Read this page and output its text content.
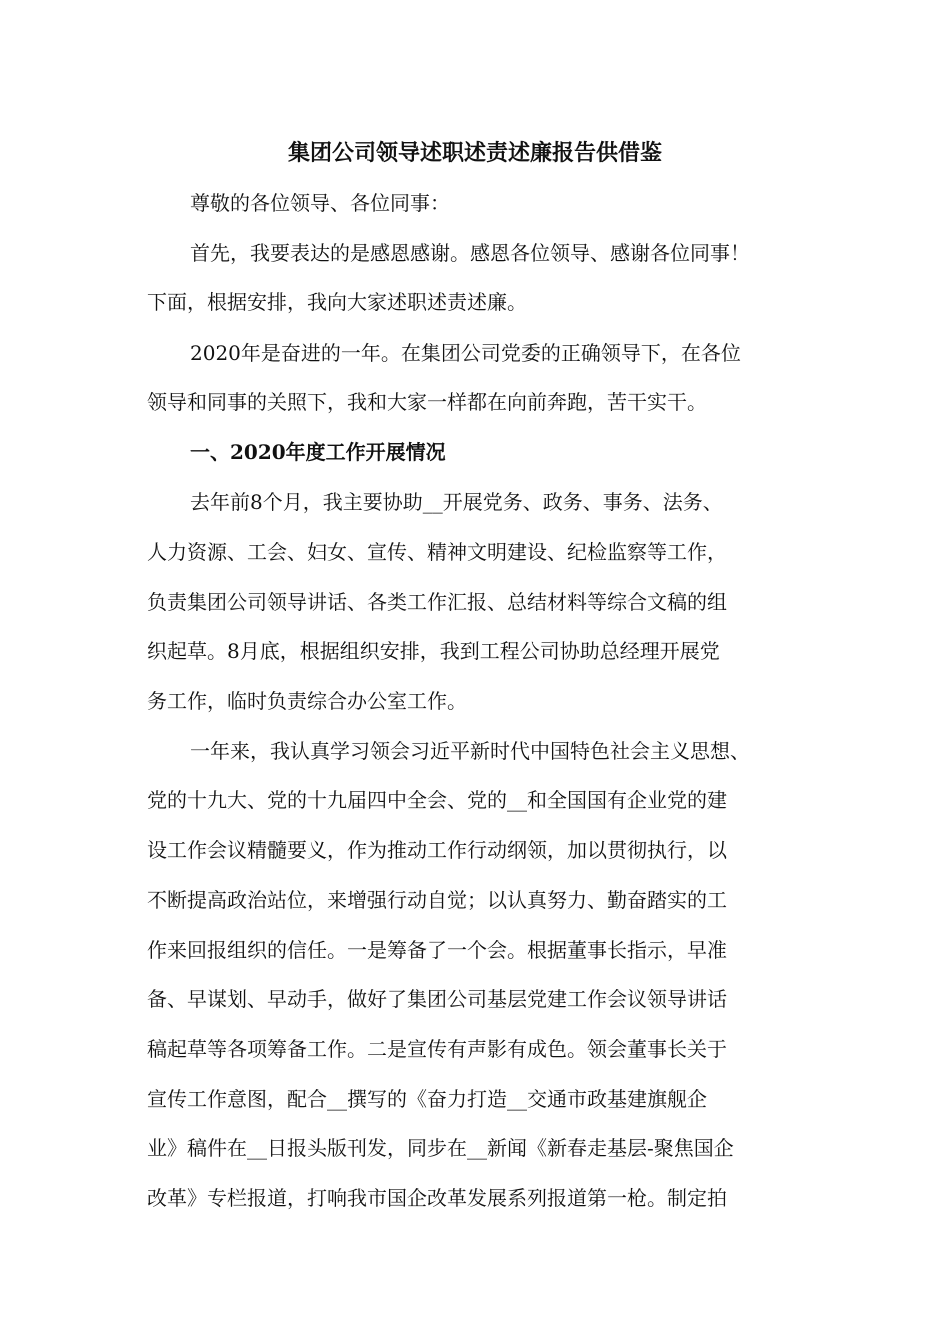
集团公司领导述职述责述廉报告供借鉴

尊敬的各位领导、各位同事：

首先，我要表达的是感恩感谢。感恩各位领导、感谢各位同事！

下面，根据安排，我向大家述职述责述廉。

2020年是奋进的一年。在集团公司党委的正确领导下，在各位

领导和同事的关照下，我和大家一样都在向前奔跑，苦干实干。

一、2020年度工作开展情况

去年前8个月，我主要协助__开展党务、政务、事务、法务、

人力资源、工会、妇女、宣传、精神文明建设、纪检监察等工作，

负责集团公司领导讲话、各类工作汇报、总结材料等综合文稿的组

织起草。8月底，根据组织安排，我到工程公司协助总经理开展党

务工作，临时负责综合办公室工作。

一年来，我认真学习领会习近平新时代中国特色社会主义思想、

党的十九大、党的十九届四中全会、党的__和全国国有企业党的建

设工作会议精髓要义，作为推动工作行动纲领，加以贯彻执行，以

不断提高政治站位，来增强行动自觉；以认真努力、勤奋踏实的工

作来回报组织的信任。一是筹备了一个会。根据董事长指示，早准

备、早谋划、早动手，做好了集团公司基层党建工作会议领导讲话

稿起草等各项筹备工作。二是宣传有声影有成色。领会董事长关于

宣传工作意图，配合__撰写的《奋力打造__交通市政基建旗舰企

业》稿件在__日报头版刊发，同步在__新闻《新春走基层-聚焦国企

改革》专栏报道，打响我市国企改革发展系列报道第一枪。制定拍
